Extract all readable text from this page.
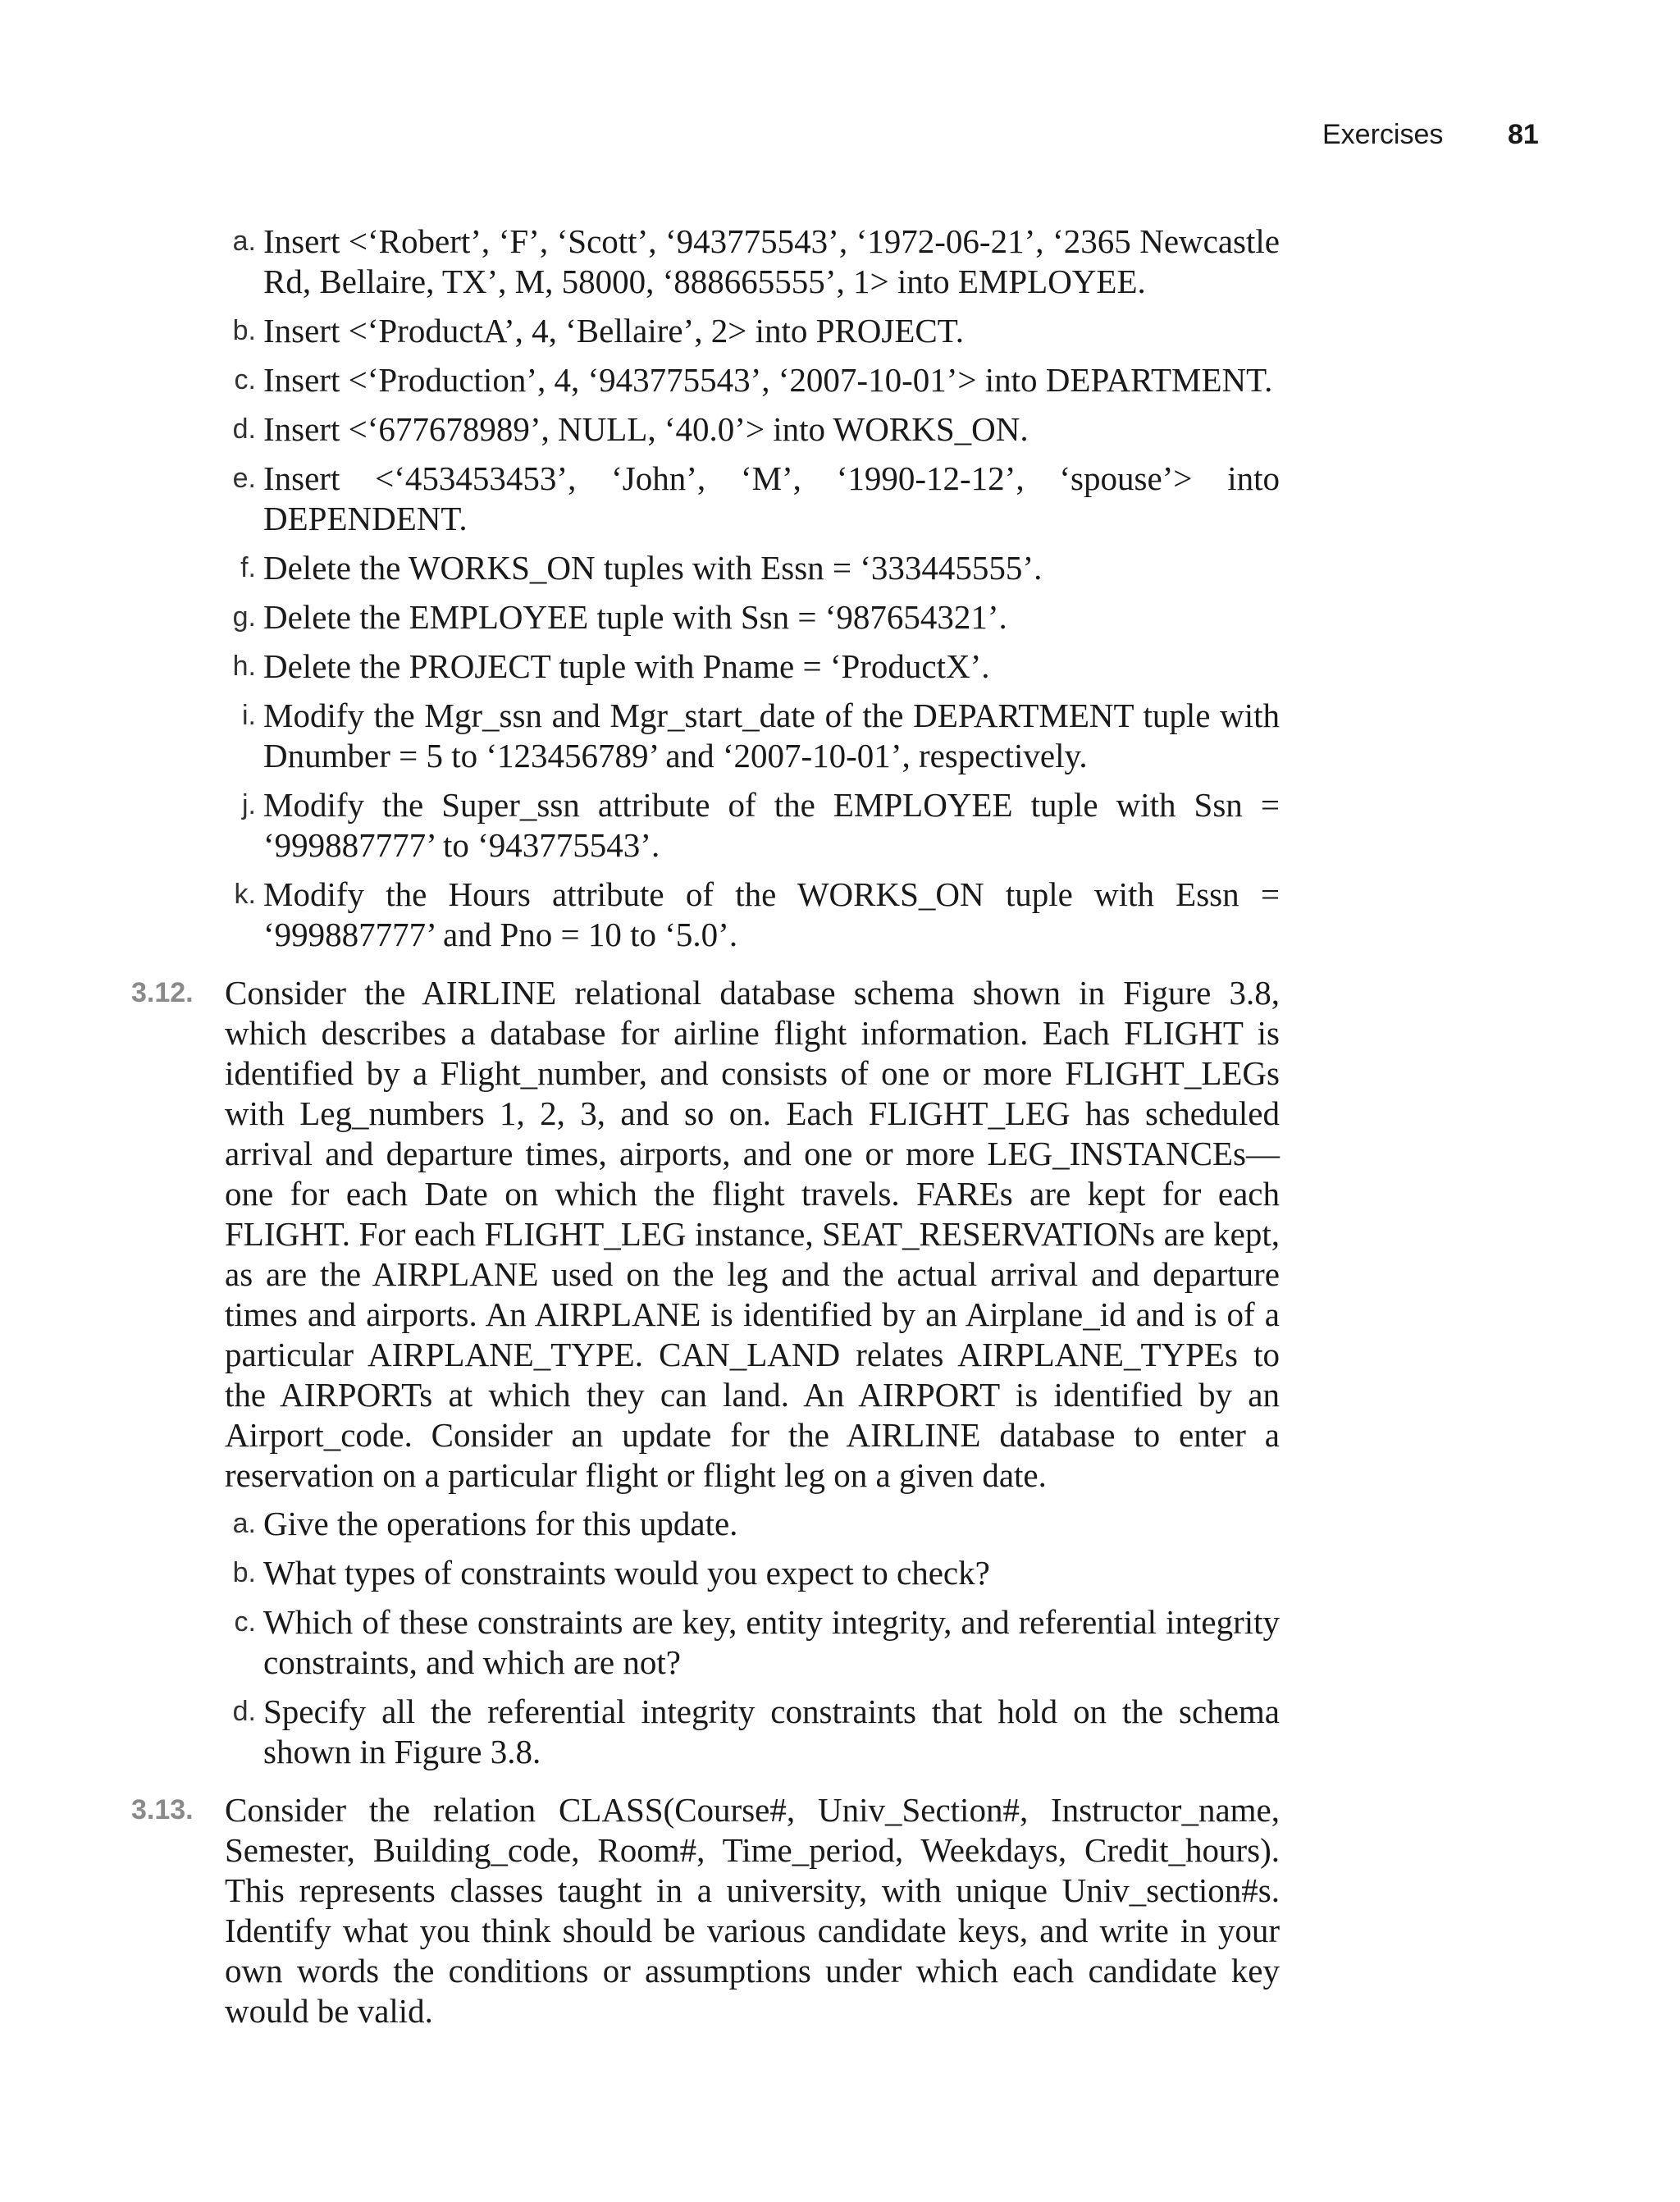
Exercises 81
a. Insert <‘Robert’, ‘F’, ‘Scott’, ‘943775543’, ‘1972-06-21’, ‘2365 Newcastle Rd, Bellaire, TX’, M, 58000, ‘888665555’, 1> into EMPLOYEE.
b. Insert <‘ProductA’, 4, ‘Bellaire’, 2> into PROJECT.
c. Insert <‘Production’, 4, ‘943775543’, ‘2007-10-01’> into DEPARTMENT.
d. Insert <‘677678989’, NULL, ‘40.0’> into WORKS_ON.
e. Insert <‘453453453’, ‘John’, ‘M’, ‘1990-12-12’, ‘spouse’> into DEPENDENT.
f. Delete the WORKS_ON tuples with Essn = ‘333445555’.
g. Delete the EMPLOYEE tuple with Ssn = ‘987654321’.
h. Delete the PROJECT tuple with Pname = ‘ProductX’.
i. Modify the Mgr_ssn and Mgr_start_date of the DEPARTMENT tuple with Dnumber = 5 to ‘123456789’ and ‘2007-10-01’, respectively.
j. Modify the Super_ssn attribute of the EMPLOYEE tuple with Ssn = ‘999887777’ to ‘943775543’.
k. Modify the Hours attribute of the WORKS_ON tuple with Essn = ‘999887777’ and Pno = 10 to ‘5.0’.
3.12. Consider the AIRLINE relational database schema shown in Figure 3.8, which describes a database for airline flight information. Each FLIGHT is identified by a Flight_number, and consists of one or more FLIGHT_LEGs with Leg_numbers 1, 2, 3, and so on. Each FLIGHT_LEG has scheduled arrival and departure times, airports, and one or more LEG_INSTANCEs—one for each Date on which the flight travels. FAREs are kept for each FLIGHT. For each FLIGHT_LEG instance, SEAT_RESERVATIONs are kept, as are the AIRPLANE used on the leg and the actual arrival and departure times and airports. An AIRPLANE is identified by an Airplane_id and is of a particular AIRPLANE_TYPE. CAN_LAND relates AIRPLANE_TYPEs to the AIRPORTs at which they can land. An AIRPORT is identified by an Airport_code. Consider an update for the AIRLINE database to enter a reservation on a particular flight or flight leg on a given date.
a. Give the operations for this update.
b. What types of constraints would you expect to check?
c. Which of these constraints are key, entity integrity, and referential integrity constraints, and which are not?
d. Specify all the referential integrity constraints that hold on the schema shown in Figure 3.8.
3.13. Consider the relation CLASS(Course#, Univ_Section#, Instructor_name, Semester, Building_code, Room#, Time_period, Weekdays, Credit_hours). This represents classes taught in a university, with unique Univ_section#s. Identify what you think should be various candidate keys, and write in your own words the conditions or assumptions under which each candidate key would be valid.
